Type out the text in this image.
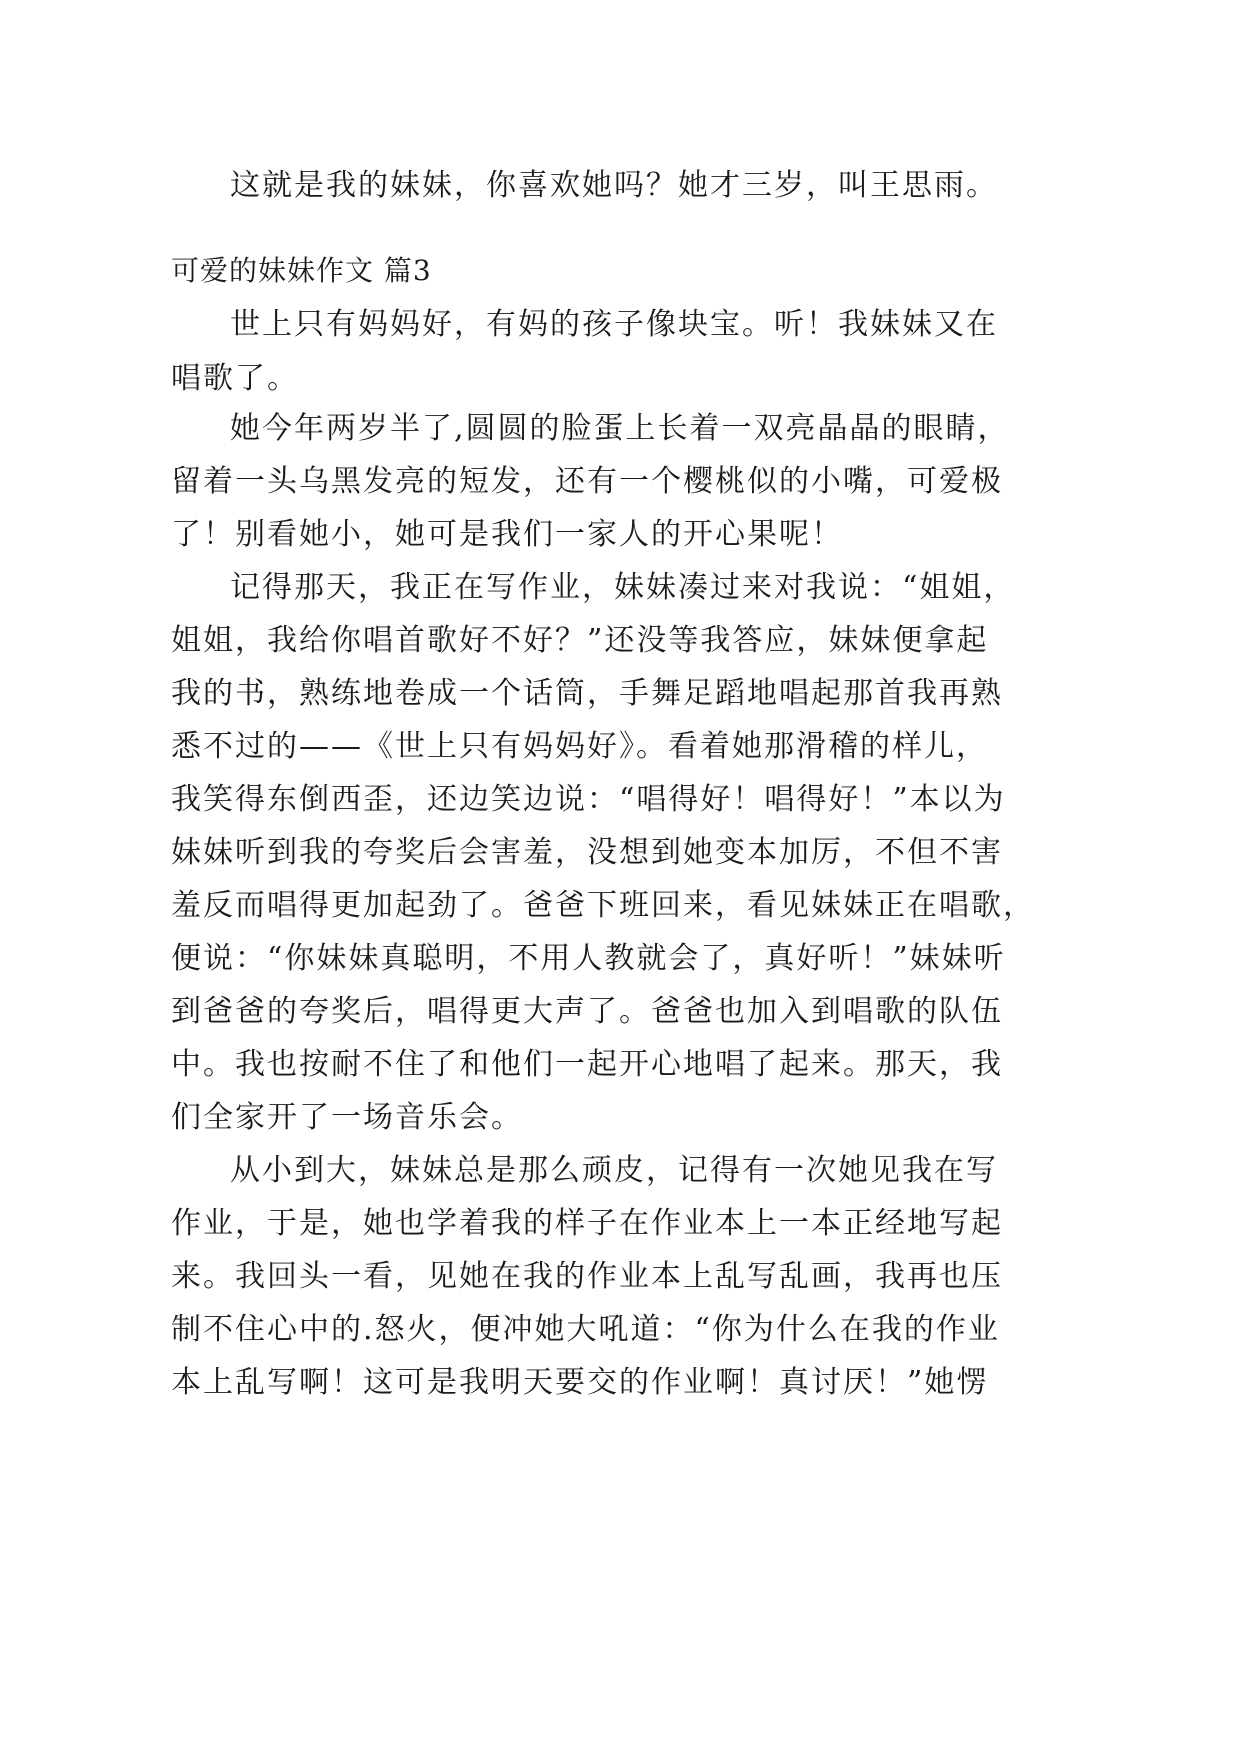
这就是我的妹妹，你喜欢她吗？她才三岁，叫王思雨。

可爱的妹妹作文 篇3

世上只有妈妈好，有妈的孩子像块宝。听！我妹妹又在

唱歌了。

她今年两岁半了,圆圆的脸蛋上长着一双亮晶晶的眼睛，

留着一头乌黑发亮的短发，还有一个樱桃似的小嘴，可爱极

了！别看她小，她可是我们一家人的开心果呢！

记得那天，我正在写作业，妹妹凑过来对我说：“姐姐，

姐姐，我给你唱首歌好不好？”还没等我答应，妹妹便拿起

我的书，熟练地卷成一个话筒，手舞足蹈地唱起那首我再熟

悉不过的——《世上只有妈妈好》。看着她那滑稽的样儿，

我笑得东倒西歪，还边笑边说：“唱得好！唱得好！”本以为

妹妹听到我的夸奖后会害羞，没想到她变本加厉，不但不害

羞反而唱得更加起劲了。爸爸下班回来，看见妹妹正在唱歌，

便说：“你妹妹真聪明，不用人教就会了，真好听！”妹妹听

到爸爸的夸奖后，唱得更大声了。爸爸也加入到唱歌的队伍

中。我也按耐不住了和他们一起开心地唱了起来。那天，我

们全家开了一场音乐会。

从小到大，妹妹总是那么顽皮，记得有一次她见我在写

作业，于是，她也学着我的样子在作业本上一本正经地写起

来。我回头一看，见她在我的作业本上乱写乱画，我再也压

制不住心中的.怒火，便冲她大吼道：“你为什么在我的作业

本上乱写啊！这可是我明天要交的作业啊！真讨厌！”她愣
